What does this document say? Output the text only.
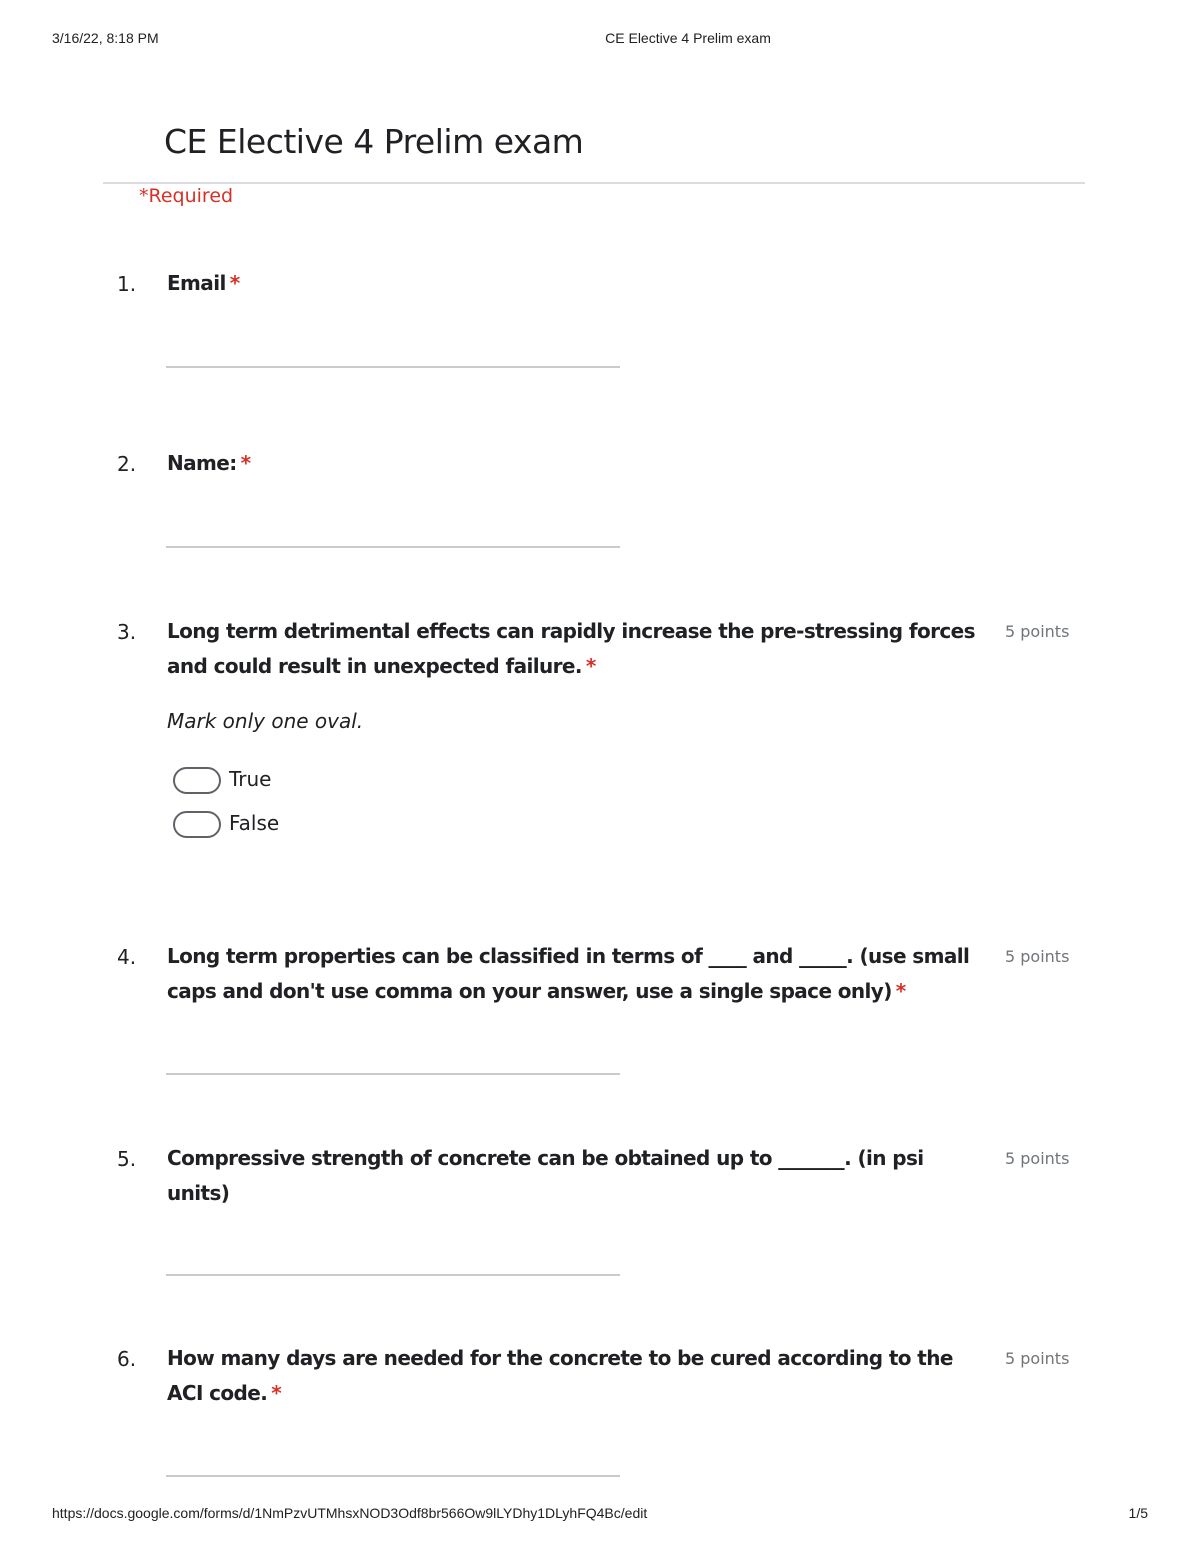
3/16/22, 8:18 PM	CE Elective 4 Prelim exam
CE Elective 4 Prelim exam
*Required
1. Email *
2. Name: *
3. Long term detrimental effects can rapidly increase the pre-stressing forces and could result in unexpected failure. *
5 points
Mark only one oval.
True
False
4. Long term properties can be classified in terms of ____ and _____. (use small caps and don't use comma on your answer, use a single space only) *
5 points
5. Compressive strength of concrete can be obtained up to _______. (in psi units)
5 points
6. How many days are needed for the concrete to be cured according to the ACI code. *
5 points
https://docs.google.com/forms/d/1NmPzvUTMhsxNOD3Odf8br566Ow9lLYDhy1DLyhFQ4Bc/edit	1/5
